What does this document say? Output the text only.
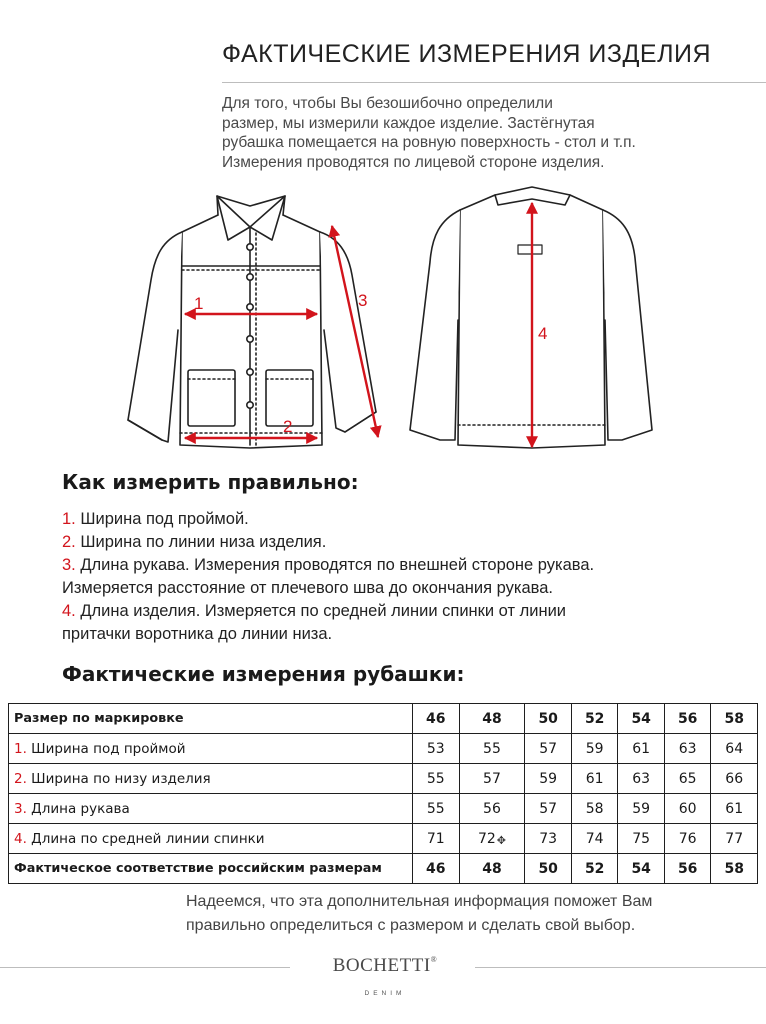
ФАКТИЧЕСКИЕ ИЗМЕРЕНИЯ ИЗДЕЛИЯ
Для того, чтобы Вы безошибочно определили
размер, мы измерили каждое изделие. Застёгнутая
рубашка помещается на ровную поверхность - стол и т.п.
Измерения проводятся по лицевой стороне изделия.
1
2
3
4
Как измерить правильно:
1. Ширина под проймой.
2. Ширина по линии низа изделия.
3. Длина рукава. Измерения проводятся по внешней стороне рукава.
Измеряется расстояние от плечевого шва до окончания рукава.
4. Длина изделия. Измеряется по средней линии спинки от линии
притачки воротника до линии низа.
Фактические измерения рубашки:
Размер по маркировке	46	48	50	52	54	56	58
1. Ширина под проймой	53	55	57	59	61	63	64
2. Ширина по низу изделия	55	57	59	61	63	65	66
3. Длина рукава	55	56	57	58	59	60	61
4. Длина по средней линии спинки	71	72✥	73	74	75	76	77
Фактическое соответствие российским размерам	46	48	50	52	54	56	58
Надеемся, что эта дополнительная информация поможет Вам
правильно определиться с размером и сделать свой выбор.
BOCHETTI®
DENIM
